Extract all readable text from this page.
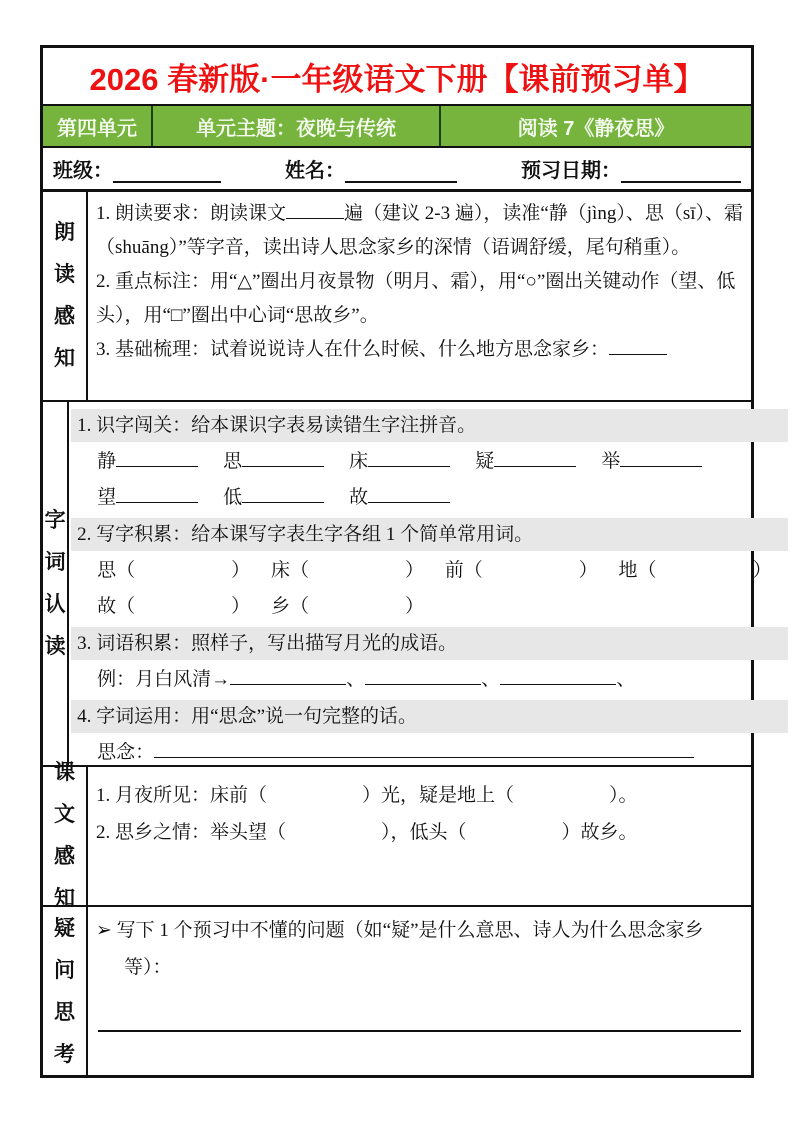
2026 春新版·一年级语文下册【课前预习单】
第四单元	单元主题：夜晚与传统	阅读 7《静夜思》
班级：	姓名：	预习日期：
朗读感知

1. 朗读要求：朗读课文	遍（建议 2-3 遍），读准“静（jìng）、思（sī）、霜（shuāng）”等字音，读出诗人思念家乡的深情（语调舒缓，尾句稍重）。

2. 重点标注：用“△”圈出月夜景物（明月、霜），用“○”圈出关键动作（望、低头），用“□”圈出中心词“思故乡”。

3. 基础梳理：试着说说诗人在什么时候、什么地方思念家乡：

字词认读
1. 识字闯关：给本课识字表易读错生字注拼音。
静	思	床	疑	举
望	低	故
2. 写字积累：给本课写字表生字各组 1 个简单常用词。
思（	） 床（	） 前（	） 地（	）
故（	） 乡（	）
3. 词语积累：照样子，写出描写月光的成语。
例：月白风清→	、	、	、
4. 字词运用：用“思念”说一句完整的话。
思念：
课文感知

1. 月夜所见：床前（	）光，疑是地上（	）。

2. 思乡之情：举头望（	），低头（	）故乡。

疑问思考

➢ 写下 1 个预习中不懂的问题（如“疑”是什么意思、诗人为什么思念家乡等）：
